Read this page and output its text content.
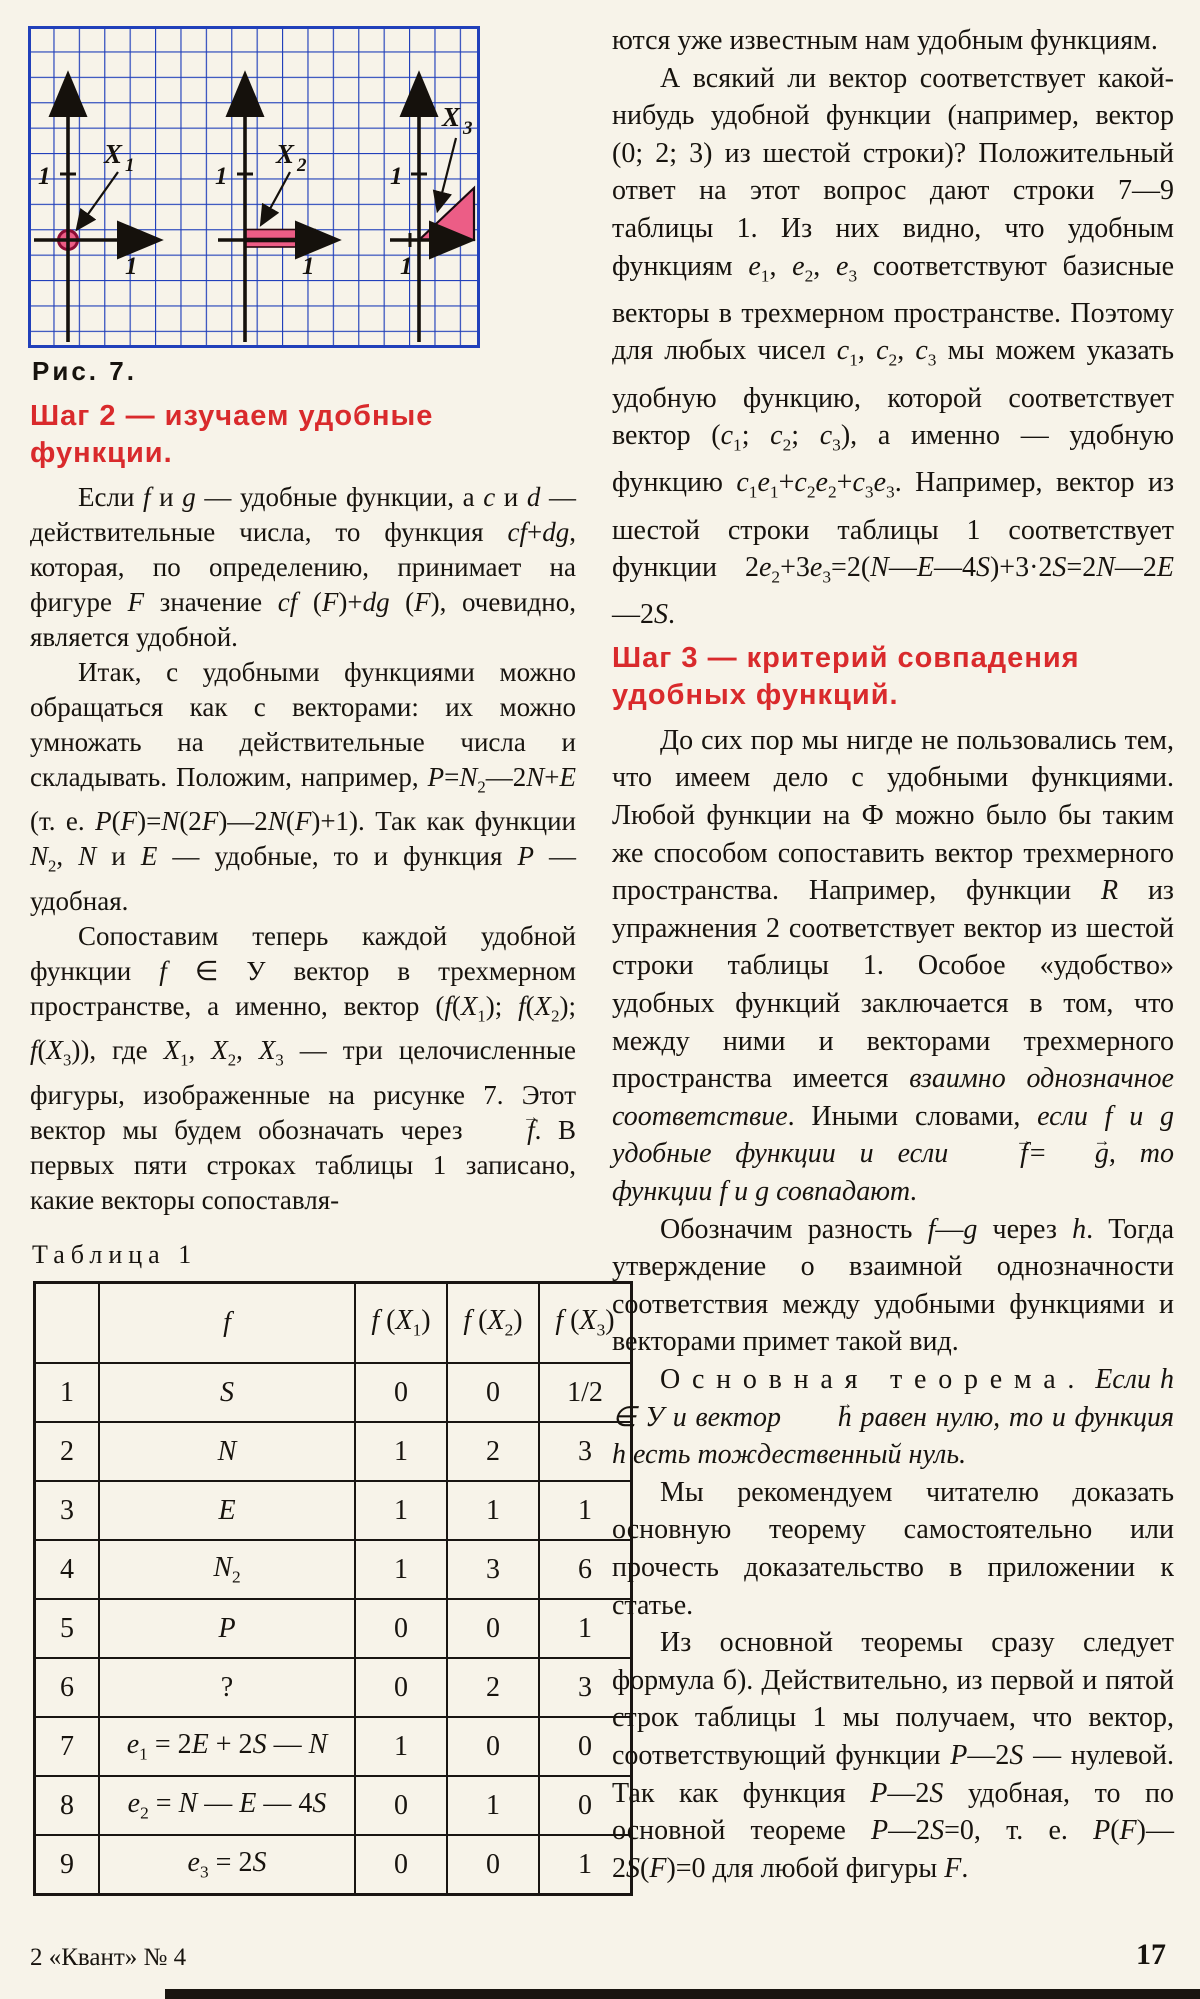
1	1	1
1	1	1
X 1	X 2
X 3
Рис. 7.
Шаг 2 — изучаем удобные функции.

Если f и g — удобные функции, а c и d — действительные числа, то функция cf+dg, которая, по определению, принимает на фигуре F значение cf (F)+dg (F), очевидно, является удобной.

Итак, с удобными функциями можно обращаться как с векторами: их можно умножать на действительные числа и складывать. Положим, например, $P=N_2—2N+E$ (т. е. P(F)=N(2F)—2N(F)+1). Так как функции $N_2$, N и E — удобные, то и функция P — удобная.

Сопоставим теперь каждой удобной функции f ∈ У вектор в трехмерном пространстве, а именно, вектор ($f(X_1)$; $f(X_2)$; $f(X_3)$), где $X_1$, $X_2$, $X_3$ — три целочисленные фигуры, изображенные на рисунке 7. Этот вектор мы будем обозначать через → f. В первых пяти строках таблицы 1 записано, какие векторы сопоставля-

Таблица 1
	f	f $(X_1)$	f $(X_2)$	f $(X_3)$
1	S	0	0	1/2
2	N	1	2	3
3	E	1	1	1
4	$N_2$	1	3	6
5	P	0	0	1
6	?	0	2	3
7	$e_1 = 2E + 2S$ — N	1	0	0
8	$e_2 = N$ — E — 4S	0	1	0
9	$e_3 = 2S$	0	0	1

ются уже известным нам удобным функциям.

А всякий ли вектор соответствует какой-нибудь удобной функции (например, вектор (0; 2; 3) из шестой строки)? Положительный ответ на этот вопрос дают строки 7—9 таблицы 1. Из них видно, что удобным функциям $e_1$, $e_2$, $e_3$ соответствуют базисные векторы в трехмерном пространстве. Поэтому для любых чисел $c_1$, $c_2$, $c_3$ мы можем указать удобную функцию, которой соответствует вектор ($c_1$; $c_2$; $c_3$), а именно — удобную функцию $c_1e_1+c_2e_2+c_3e_3$. Например, вектор из шестой строки таблицы 1 соответствует функции $2e_2+3e_3=2(N—E—4S)+3\cdot 2S=2N—2E—2S$.

Шаг 3 — критерий совпадения удобных функций.

До сих пор мы нигде не пользовались тем, что имеем дело с удобными функциями. Любой функции на Ф можно было бы таким же способом сопоставить вектор трехмерного пространства. Например, функции R из упражнения 2 соответствует вектор из шестой строки таблицы 1. Особое «удобство» удобных функций заключается в том, что между ними и векторами трехмерного пространства имеется взаимно однозначное соответствие. Иными словами, если f и g удобные функции и если → f= → g, то функции f и g совпадают.

Обозначим разность f—g через h. Тогда утверждение о взаимной однозначности соответствия между удобными функциями и векторами примет такой вид.

Основная теорема. Если h ∈ У и вектор → h равен нулю, то и функция h есть тождественный нуль.

Мы рекомендуем читателю доказать основную теорему самостоятельно или прочесть доказательство в приложении к статье.

Из основной теоремы сразу следует формула б). Действительно, из первой и пятой строк таблицы 1 мы получаем, что вектор, соответствующий функции P—2S — нулевой. Так как функция P—2S удобная, то по основной теореме P—2S=0, т. е. P(F)—2S(F)=0 для любой фигуры F.

2 «Квант» № 4	17
